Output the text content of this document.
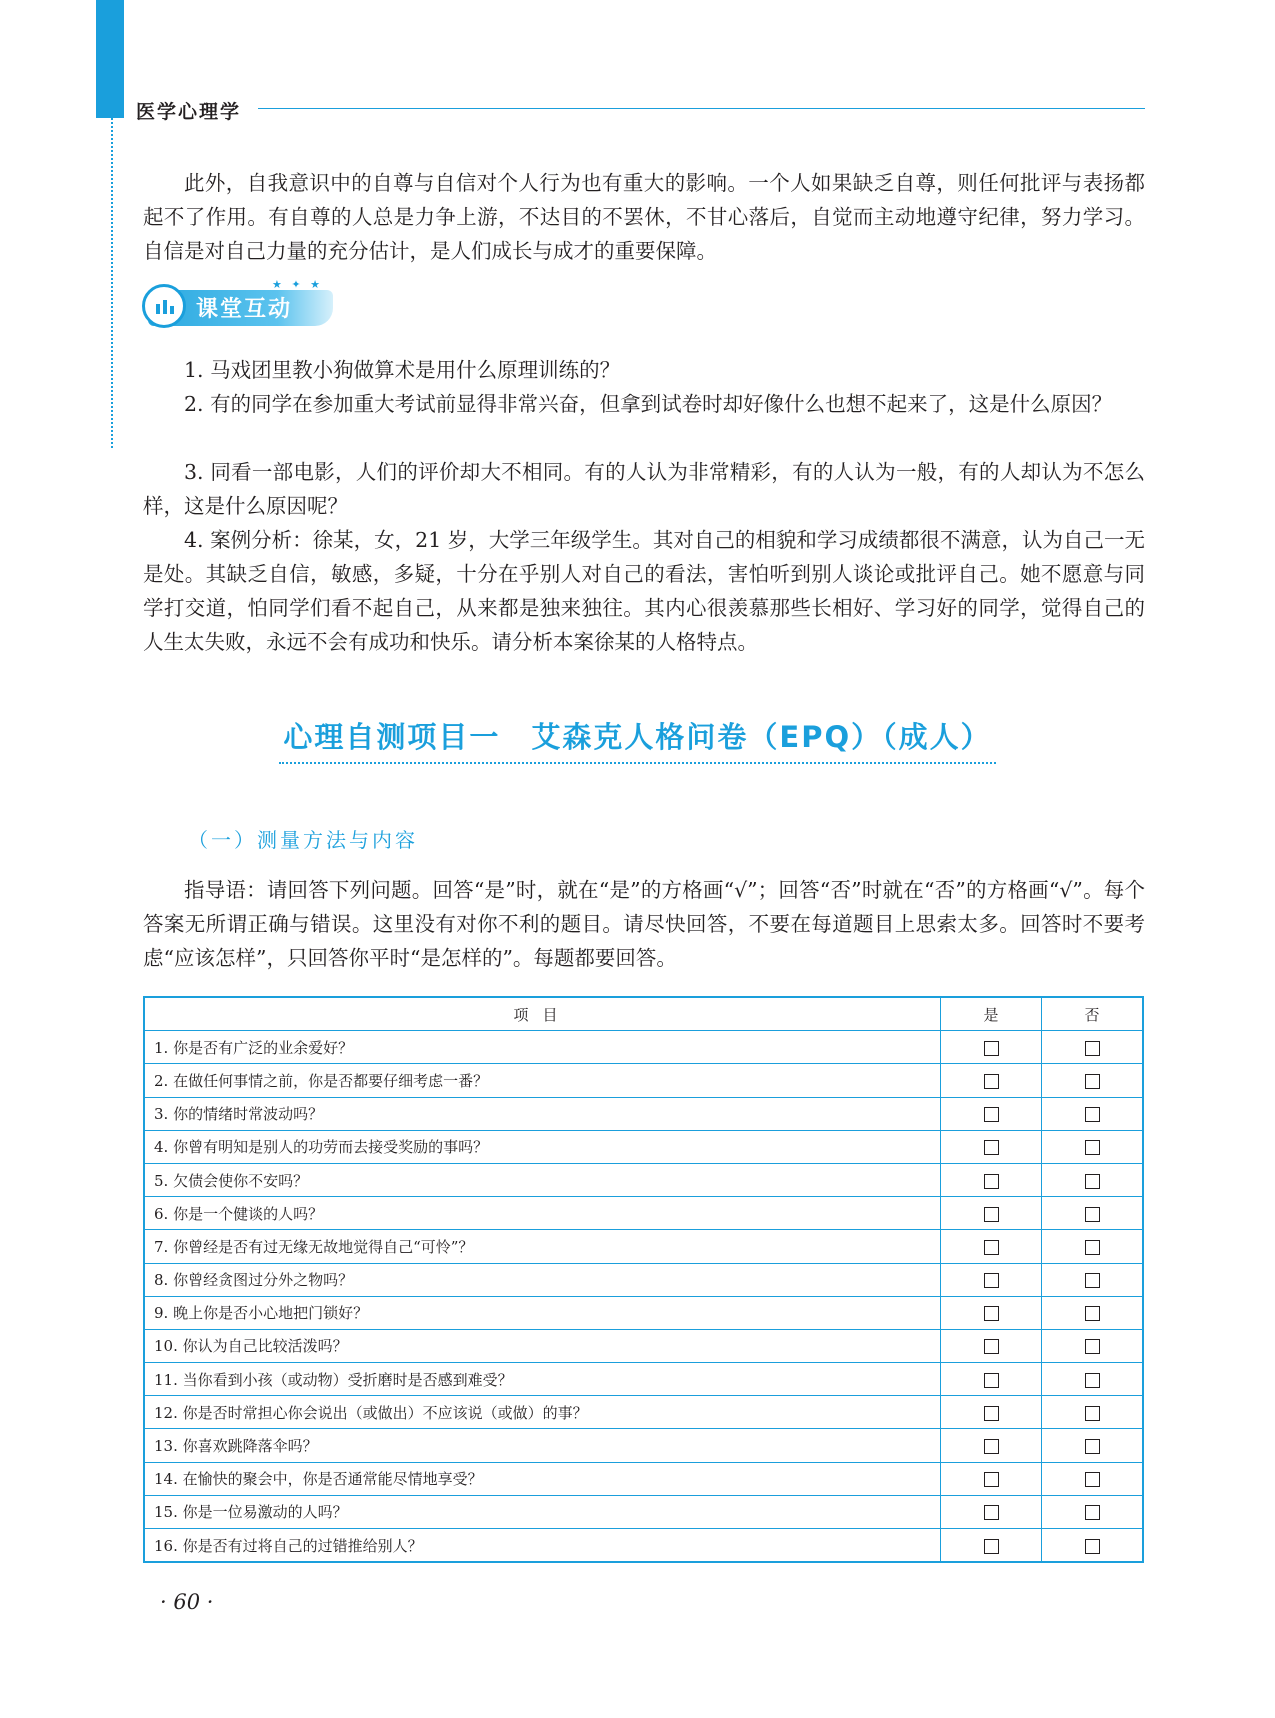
医学心理学

此外，自我意识中的自尊与自信对个人行为也有重大的影响。一个人如果缺乏自尊，则任何批评与表扬都起不了作用。有自尊的人总是力争上游，不达目的不罢休，不甘心落后，自觉而主动地遵守纪律，努力学习。自信是对自己力量的充分估计，是人们成长与成才的重要保障。

课堂互动
★ ✦ ★

1. 马戏团里教小狗做算术是用什么原理训练的？

2. 有的同学在参加重大考试前显得非常兴奋，但拿到试卷时却好像什么也想不起来了，这是什么原因？

3. 同看一部电影，人们的评价却大不相同。有的人认为非常精彩，有的人认为一般，有的人却认为不怎么样，这是什么原因呢？

4. 案例分析：徐某，女，21 岁，大学三年级学生。其对自己的相貌和学习成绩都很不满意，认为自己一无是处。其缺乏自信，敏感，多疑，十分在乎别人对自己的看法，害怕听到别人谈论或批评自己。她不愿意与同学打交道，怕同学们看不起自己，从来都是独来独往。其内心很羡慕那些长相好、学习好的同学，觉得自己的人生太失败，永远不会有成功和快乐。请分析本案徐某的人格特点。

心理自测项目一　艾森克人格问卷（EPQ）（成人）
（一）测量方法与内容

指导语：请回答下列问题。回答“是”时，就在“是”的方格画“√”；回答“否”时就在“否”的方格画“√”。每个答案无所谓正确与错误。这里没有对你不利的题目。请尽快回答，不要在每道题目上思索太多。回答时不要考虑“应该怎样”，只回答你平时“是怎样的”。每题都要回答。

项目	是	否
1. 你是否有广泛的业余爱好？		
2. 在做任何事情之前，你是否都要仔细考虑一番？		
3. 你的情绪时常波动吗？		
4. 你曾有明知是别人的功劳而去接受奖励的事吗？		
5. 欠债会使你不安吗？		
6. 你是一个健谈的人吗？		
7. 你曾经是否有过无缘无故地觉得自己“可怜”？		
8. 你曾经贪图过分外之物吗？		
9. 晚上你是否小心地把门锁好？		
10. 你认为自己比较活泼吗？		
11. 当你看到小孩（或动物）受折磨时是否感到难受？		
12. 你是否时常担心你会说出（或做出）不应该说（或做）的事？		
13. 你喜欢跳降落伞吗？		
14. 在愉快的聚会中，你是否通常能尽情地享受？		
15. 你是一位易激动的人吗？		
16. 你是否有过将自己的过错推给别人？		
· 60 ·
